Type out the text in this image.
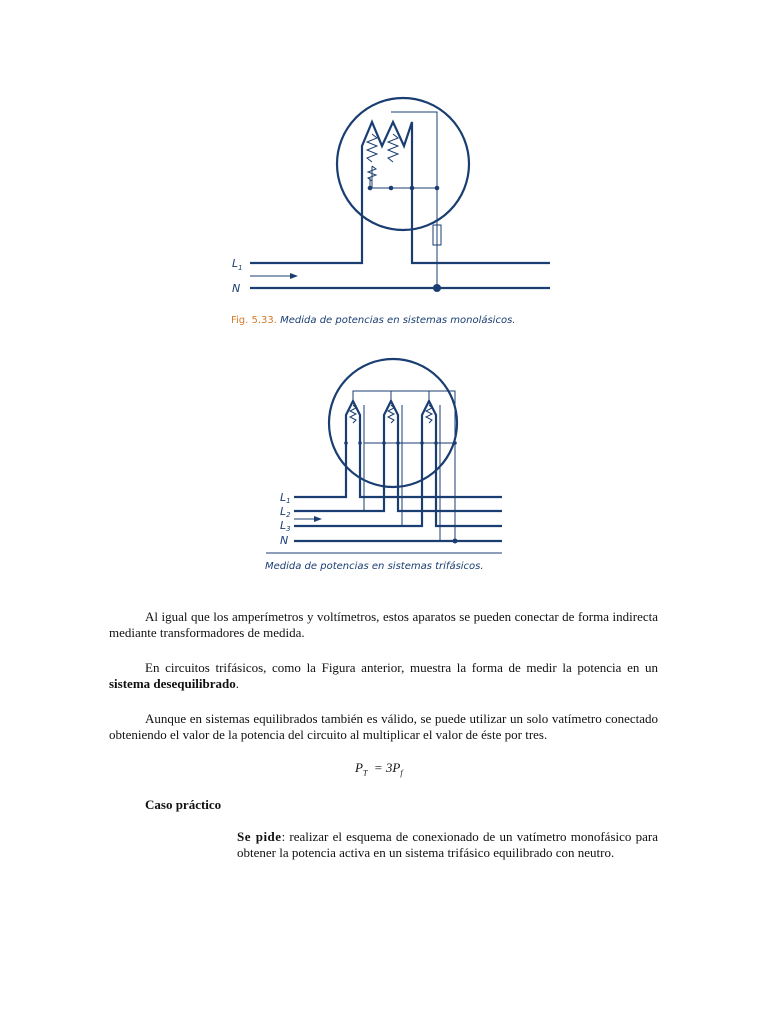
$L_1$
N
Fig. 5.33. Medida de potencias en sistemas monolásicos.
L1
L2
L3
N
Medida de potencias en sistemas trifásicos.
Al igual que los amperímetros y voltímetros, estos aparatos se pueden conectar de forma indirecta mediante transformadores de medida.
En circuitos trifásicos, como la Figura anterior, muestra la forma de medir la potencia en un sistema desequilibrado.
Aunque en sistemas equilibrados también es válido, se puede utilizar un solo vatímetro conectado obteniendo el valor de la potencia del circuito al multiplicar el valor de éste por tres.
$P_T = 3P_f$
Caso práctico
Se pide: realizar el esquema de conexionado de un vatímetro monofásico para obtener la potencia activa en un sistema trifásico equilibrado con neutro.
